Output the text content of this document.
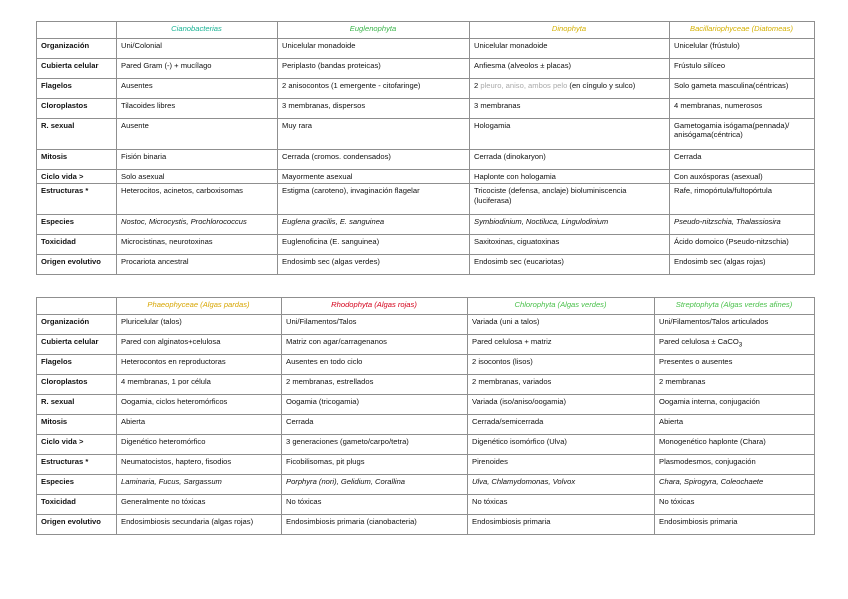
	Cianobacterias	Euglenophyta	Dinophyta	Bacillariophyceae (Diatomeas)
Organización	Uni/Colonial	Unicelular monadoide	Unicelular monadoide	Unicelular (frústulo)
Cubierta celular	Pared Gram (-) + mucílago	Periplasto (bandas proteicas)	Anfiesma (alveolos ± placas)	Frústulo silíceo
Flagelos	Ausentes	2 anisocontos (1 emergente - citofaringe)	2 pleuro, aniso, ambos pelo (en cíngulo y sulco)	Solo gameta masculina(céntricas)
Cloroplastos	Tilacoides libres	3 membranas, dispersos	3 membranas	4 membranas, numerosos
R. sexual	Ausente	Muy rara	Hologamia	Gametogamia isógama(pennada)/ anisógama(céntrica)
Mitosis	Fisión binaria	Cerrada (cromos. condensados)	Cerrada (dinokaryon)	Cerrada
Ciclo vida >	Solo asexual	Mayormente asexual	Haplonte con hologamia	Con auxósporas (asexual)
Estructuras *	Heterocitos, acinetos, carboxisomas	Estigma (caroteno), invaginación flagelar	Tricociste (defensa, anclaje) bioluminiscencia (luciferasa)	Rafe, rimopórtula/fultopórtula
Especies	Nostoc, Microcystis, Prochlorococcus	Euglena gracilis, E. sanguinea	Symbiodinium, Noctiluca, Lingulodinium	Pseudo-nitzschia, Thalassiosira
Toxicidad	Microcistinas, neurotoxinas	Euglenoficina (E. sanguinea)	Saxitoxinas, ciguatoxinas	Ácido domoico (Pseudo-nitzschia)
Origen evolutivo	Procariota ancestral	Endosimb sec (algas verdes)	Endosimb sec (eucariotas)	Endosimb sec (algas rojas)
	Phaeophyceae (Algas pardas)	Rhodophyta (Algas rojas)	Chlorophyta (Algas verdes)	Streptophyta (Algas verdes afines)
Organización	Pluricelular (talos)	Uni/Filamentos/Talos	Variada (uni a talos)	Uni/Filamentos/Talos articulados
Cubierta celular	Pared con alginatos+celulosa	Matriz con agar/carragenanos	Pared celulosa + matriz	Pared celulosa ± CaCO$_3$
Flagelos	Heterocontos en reproductoras	Ausentes en todo ciclo	2 isocontos (lisos)	Presentes o ausentes
Cloroplastos	4 membranas, 1 por célula	2 membranas, estrellados	2 membranas, variados	2 membranas
R. sexual	Oogamia, ciclos heteromórficos	Oogamia (tricogamia)	Variada (iso/aniso/oogamia)	Oogamia interna, conjugación
Mitosis	Abierta	Cerrada	Cerrada/semicerrada	Abierta
Ciclo vida >	Digenético heteromórfico	3 generaciones (gameto/carpo/tetra)	Digenético isomórfico (Ulva)	Monogenético haplonte (Chara)
Estructuras *	Neumatocistos, haptero, fisodios	Ficobilisomas, pit plugs	Pirenoides	Plasmodesmos, conjugación
Especies	Laminaria, Fucus, Sargassum	Porphyra (nori), Gelidium, Corallina	Ulva, Chlamydomonas, Volvox	Chara, Spirogyra, Coleochaete
Toxicidad	Generalmente no tóxicas	No tóxicas	No tóxicas	No tóxicas
Origen evolutivo	Endosimbiosis secundaria (algas rojas)	Endosimbiosis primaria (cianobacteria)	Endosimbiosis primaria	Endosimbiosis primaria
